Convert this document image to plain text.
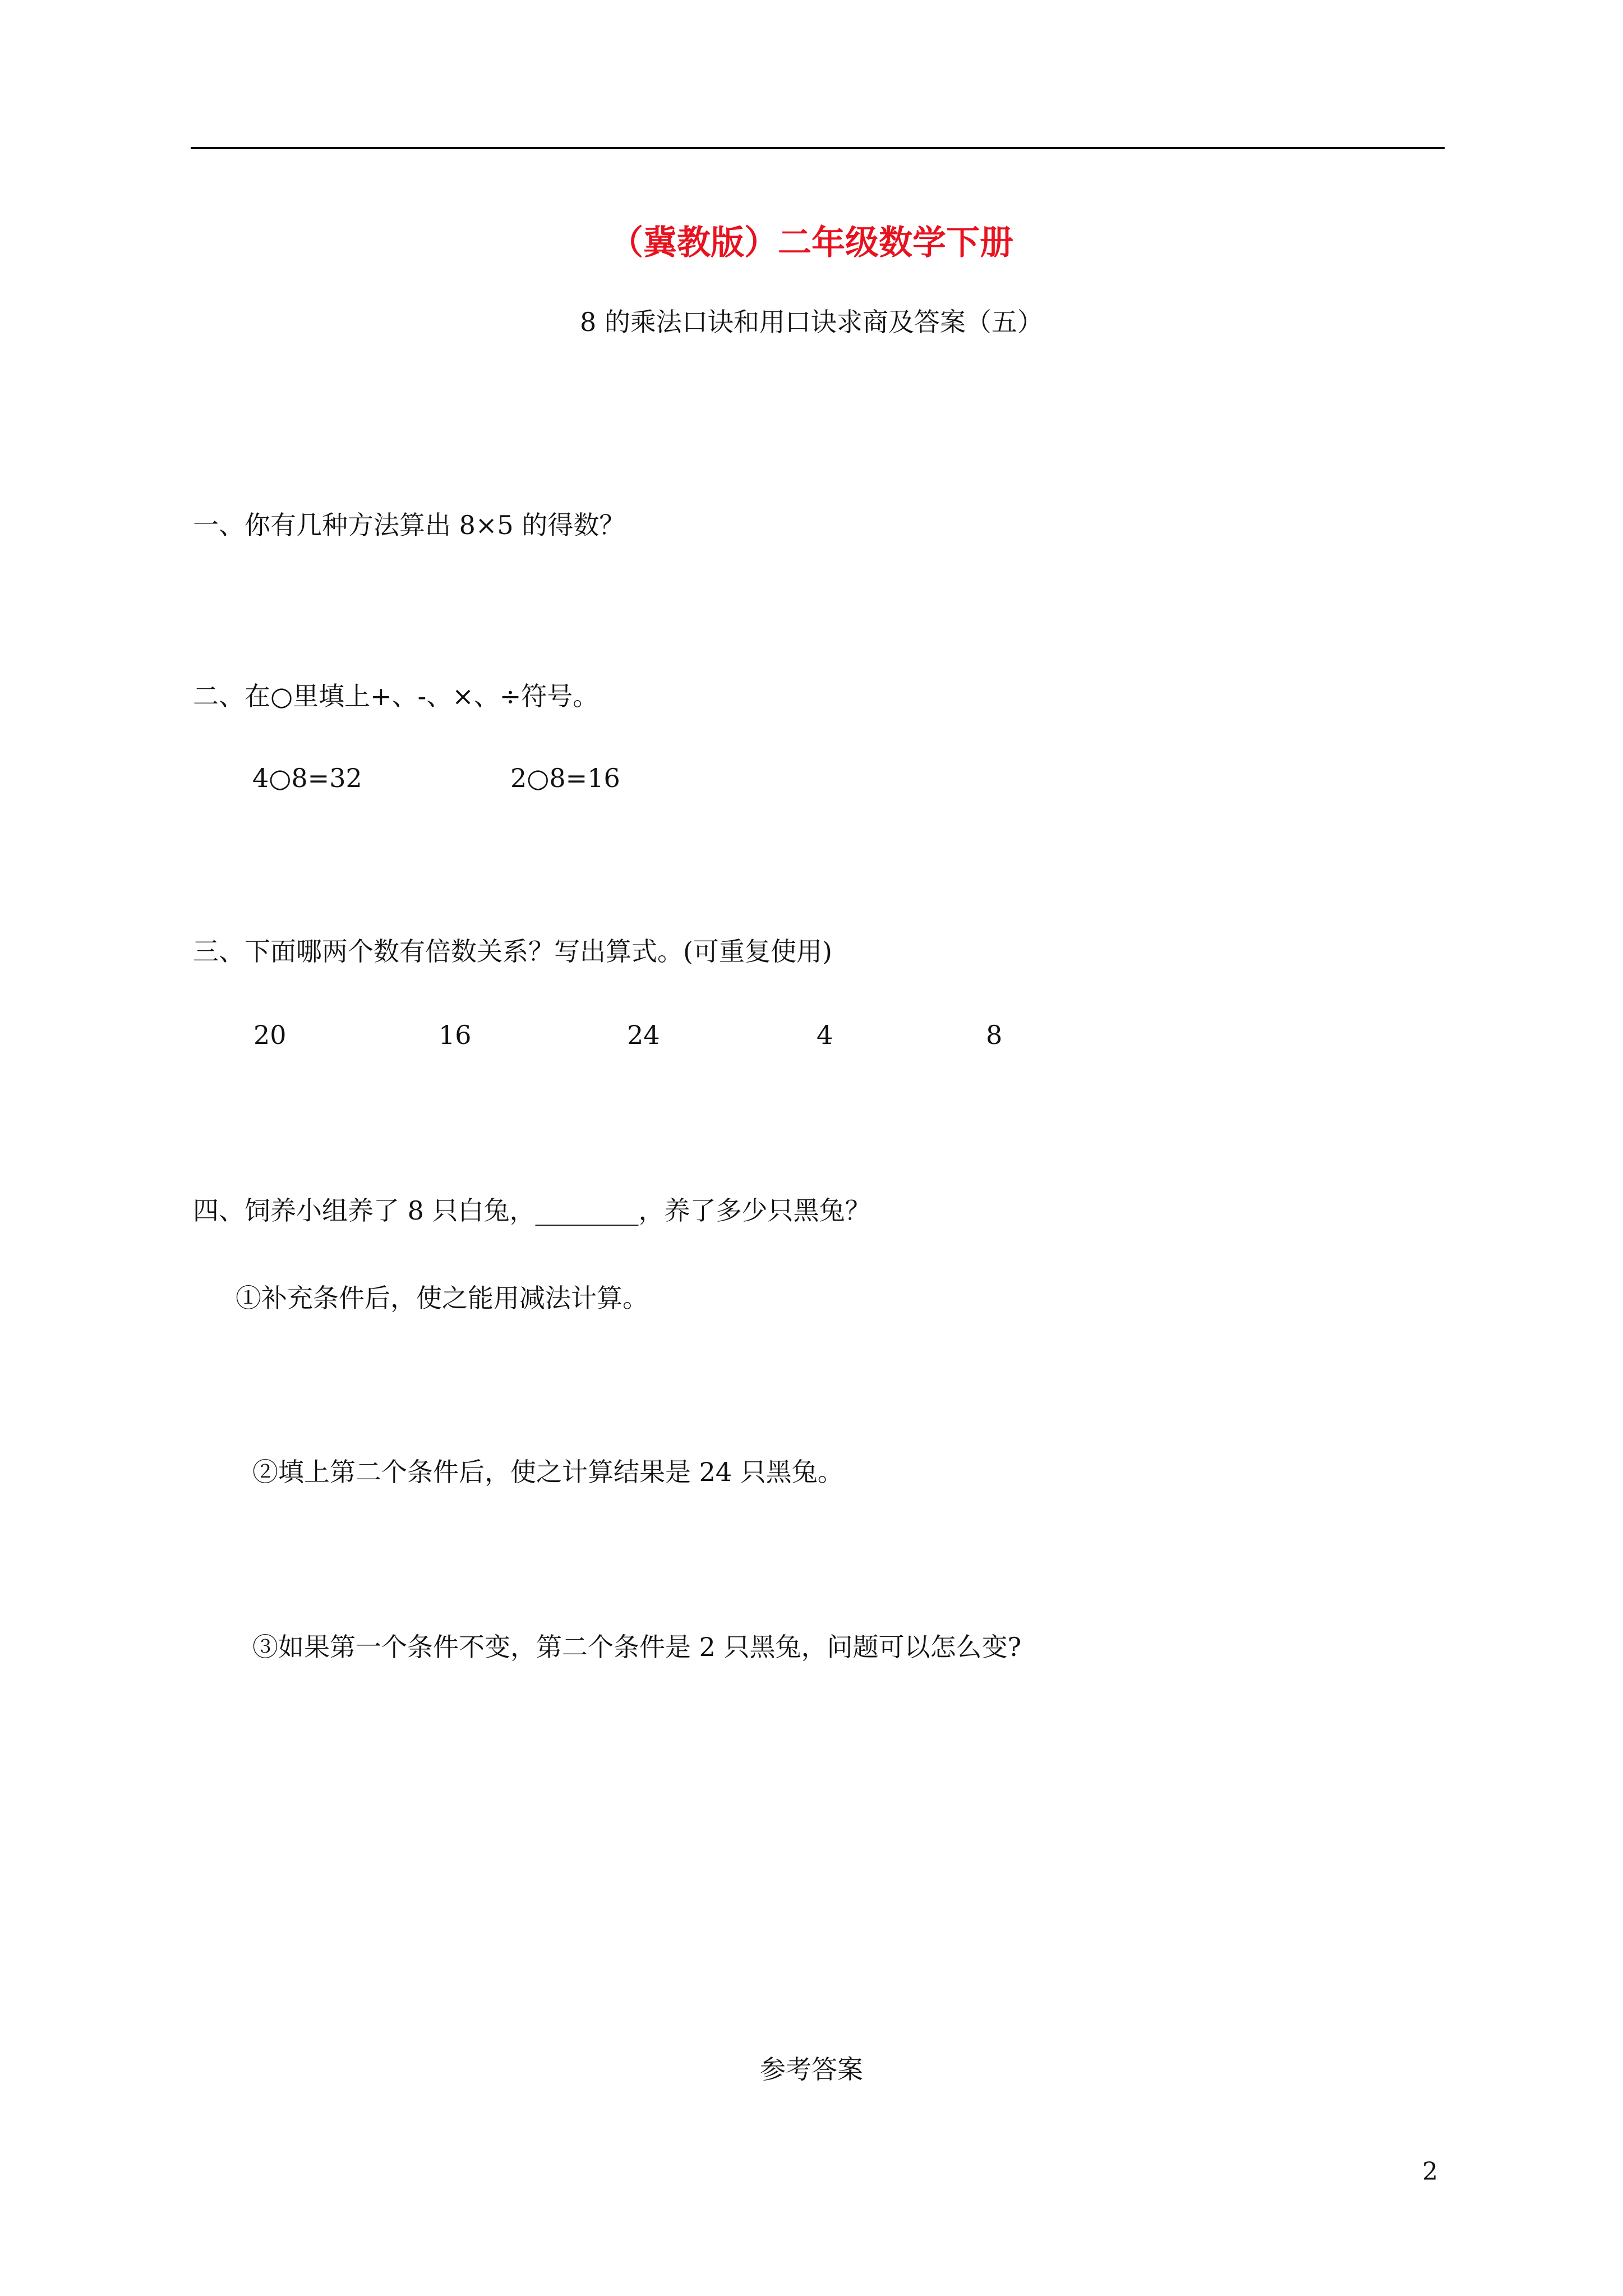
（冀教版）二年级数学下册
8 的乘法口诀和用口诀求商及答案（五）
一、你有几种方法算出 8×5 的得数？
二、在○里填上+、-、×、÷符号。
4○8=32	2○8=16
三、下面哪两个数有倍数关系？写出算式。(可重复使用)
20	16	24	4	8
四、饲养小组养了 8 只白兔，________，养了多少只黑兔？
①补充条件后，使之能用减法计算。
②填上第二个条件后，使之计算结果是 24 只黑兔。
③如果第一个条件不变，第二个条件是 2 只黑兔，问题可以怎么变?
参考答案
2
